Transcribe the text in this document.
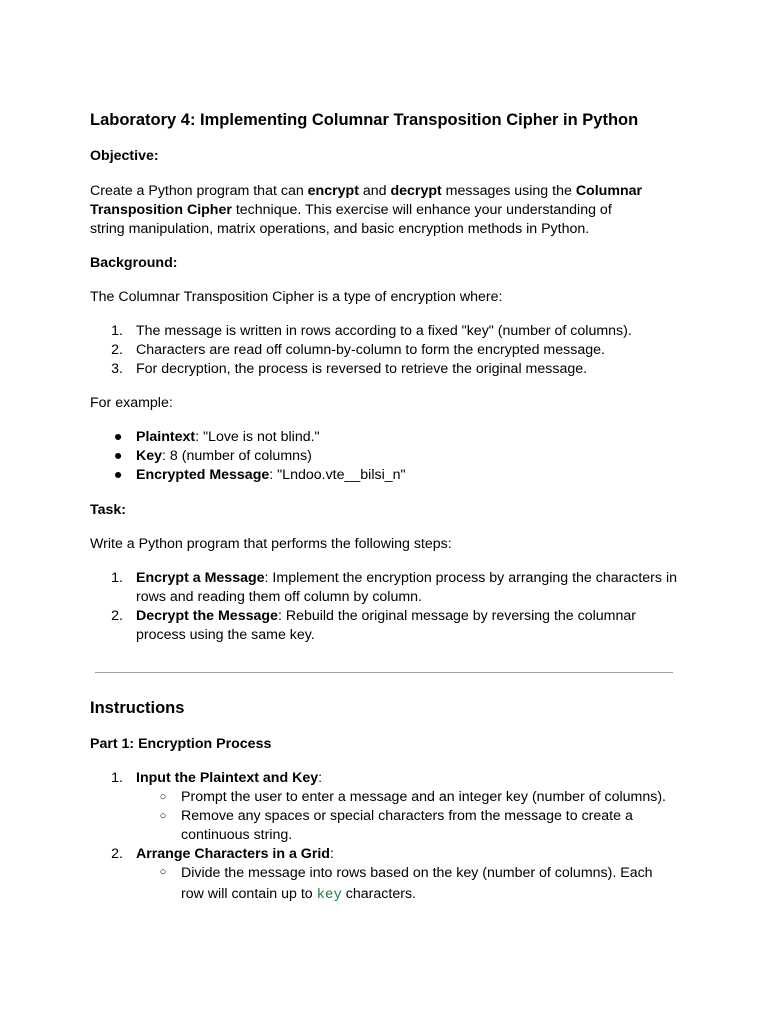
Laboratory 4: Implementing Columnar Transposition Cipher in Python
Objective:

Create a Python program that can encrypt and decrypt messages using the Columnar Transposition Cipher technique. This exercise will enhance your understanding of string manipulation, matrix operations, and basic encryption methods in Python.

Background:
The Columnar Transposition Cipher is a type of encryption where:
1. The message is written in rows according to a fixed "key" (number of columns).
2. Characters are read off column-by-column to form the encrypted message.
3. For decryption, the process is reversed to retrieve the original message.
For example:
● Plaintext: "Love is not blind."
● Key: 8 (number of columns)
● Encrypted Message: "Lndoo.vte__bilsi_n"
Task:
Write a Python program that performs the following steps:
1. Encrypt a Message: Implement the encryption process by arranging the characters in rows and reading them off column by column.
2. Decrypt the Message: Rebuild the original message by reversing the columnar process using the same key.
Instructions
Part 1: Encryption Process
1. Input the Plaintext and Key:
○ Prompt the user to enter a message and an integer key (number of columns).
○ Remove any spaces or special characters from the message to create a continuous string.
2. Arrange Characters in a Grid:
○ Divide the message into rows based on the key (number of columns). Each row will contain up to key characters.
